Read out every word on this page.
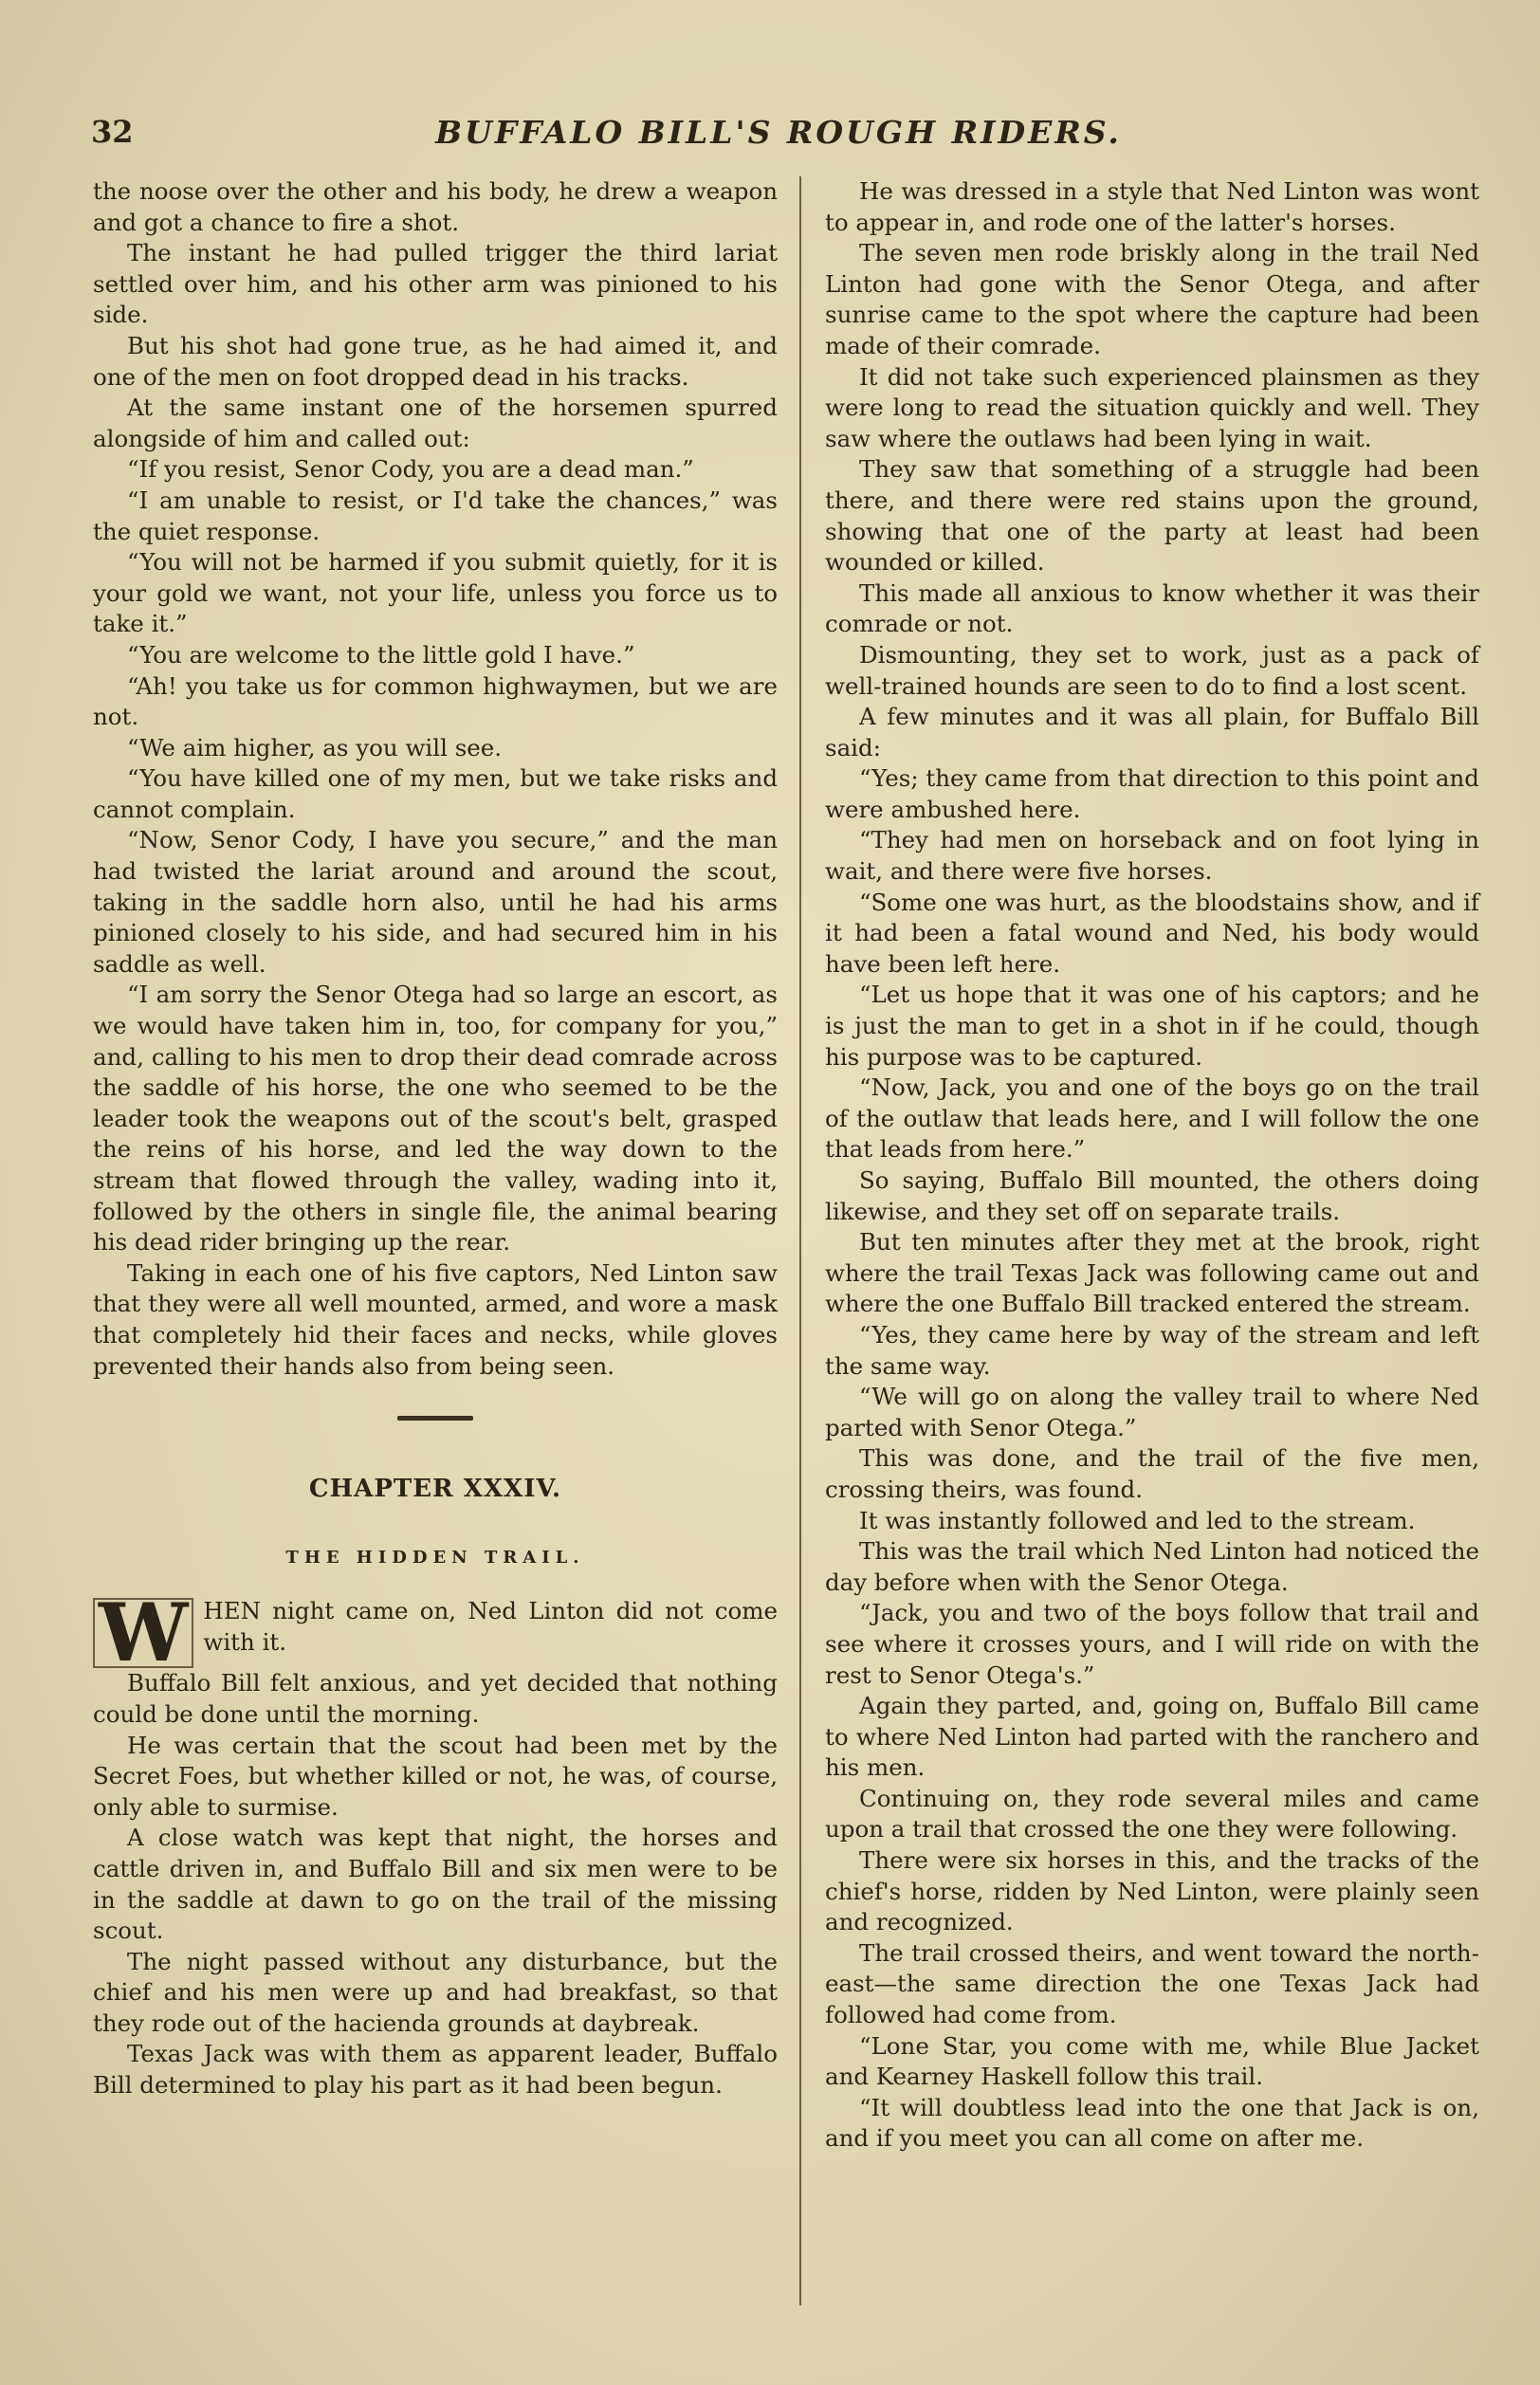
32	BUFFALO BILL'S ROUGH RIDERS.

the noose over the other and his body, he drew a weapon and got a chance to fire a shot.

The instant he had pulled trigger the third lariat settled over him, and his other arm was pinioned to his side.

But his shot had gone true, as he had aimed it, and one of the men on foot dropped dead in his tracks.

At the same instant one of the horsemen spurred alongside of him and called out:

“If you resist, Senor Cody, you are a dead man.”

“I am unable to resist, or I'd take the chances,” was the quiet response.

“You will not be harmed if you submit quietly, for it is your gold we want, not your life, unless you force us to take it.”

“You are welcome to the little gold I have.”

“Ah! you take us for common highwaymen, but we are not.

“We aim higher, as you will see.

“You have killed one of my men, but we take risks and cannot complain.

“Now, Senor Cody, I have you secure,” and the man had twisted the lariat around and around the scout, taking in the saddle horn also, until he had his arms pinioned closely to his side, and had secured him in his saddle as well.

“I am sorry the Senor Otega had so large an escort, as we would have taken him in, too, for company for you,” and, calling to his men to drop their dead comrade across the saddle of his horse, the one who seemed to be the leader took the weapons out of the scout's belt, grasped the reins of his horse, and led the way down to the stream that flowed through the valley, wading into it, followed by the others in single file, the animal bearing his dead rider bringing up the rear.

Taking in each one of his five captors, Ned Linton saw that they were all well mounted, armed, and wore a mask that completely hid their faces and necks, while gloves prevented their hands also from being seen.

CHAPTER XXXIV.
THE HIDDEN TRAIL.

W HEN night came on, Ned Linton did not come with it.

Buffalo Bill felt anxious, and yet decided that nothing could be done until the morning.

He was certain that the scout had been met by the Secret Foes, but whether killed or not, he was, of course, only able to surmise.

A close watch was kept that night, the horses and cattle driven in, and Buffalo Bill and six men were to be in the saddle at dawn to go on the trail of the missing scout.

The night passed without any disturbance, but the chief and his men were up and had breakfast, so that they rode out of the hacienda grounds at daybreak.

Texas Jack was with them as apparent leader, Buffalo Bill determined to play his part as it had been begun.

He was dressed in a style that Ned Linton was wont to appear in, and rode one of the latter's horses.

The seven men rode briskly along in the trail Ned Linton had gone with the Senor Otega, and after sunrise came to the spot where the capture had been made of their comrade.

It did not take such experienced plainsmen as they were long to read the situation quickly and well. They saw where the outlaws had been lying in wait.

They saw that something of a struggle had been there, and there were red stains upon the ground, showing that one of the party at least had been wounded or killed.

This made all anxious to know whether it was their comrade or not.

Dismounting, they set to work, just as a pack of well-trained hounds are seen to do to find a lost scent.

A few minutes and it was all plain, for Buffalo Bill said:

“Yes; they came from that direction to this point and were ambushed here.

“They had men on horseback and on foot lying in wait, and there were five horses.

“Some one was hurt, as the bloodstains show, and if it had been a fatal wound and Ned, his body would have been left here.

“Let us hope that it was one of his captors; and he is just the man to get in a shot in if he could, though his purpose was to be captured.

“Now, Jack, you and one of the boys go on the trail of the outlaw that leads here, and I will follow the one that leads from here.”

So saying, Buffalo Bill mounted, the others doing likewise, and they set off on separate trails.

But ten minutes after they met at the brook, right where the trail Texas Jack was following came out and where the one Buffalo Bill tracked entered the stream.

“Yes, they came here by way of the stream and left the same way.

“We will go on along the valley trail to where Ned parted with Senor Otega.”

This was done, and the trail of the five men, crossing theirs, was found.

It was instantly followed and led to the stream.

This was the trail which Ned Linton had noticed the day before when with the Senor Otega.

“Jack, you and two of the boys follow that trail and see where it crosses yours, and I will ride on with the rest to Senor Otega's.”

Again they parted, and, going on, Buffalo Bill came to where Ned Linton had parted with the ranchero and his men.

Continuing on, they rode several miles and came upon a trail that crossed the one they were following.

There were six horses in this, and the tracks of the chief's horse, ridden by Ned Linton, were plainly seen and recognized.

The trail crossed theirs, and went toward the north-east—the same direction the one Texas Jack had followed had come from.

“Lone Star, you come with me, while Blue Jacket and Kearney Haskell follow this trail.

“It will doubtless lead into the one that Jack is on, and if you meet you can all come on after me.
